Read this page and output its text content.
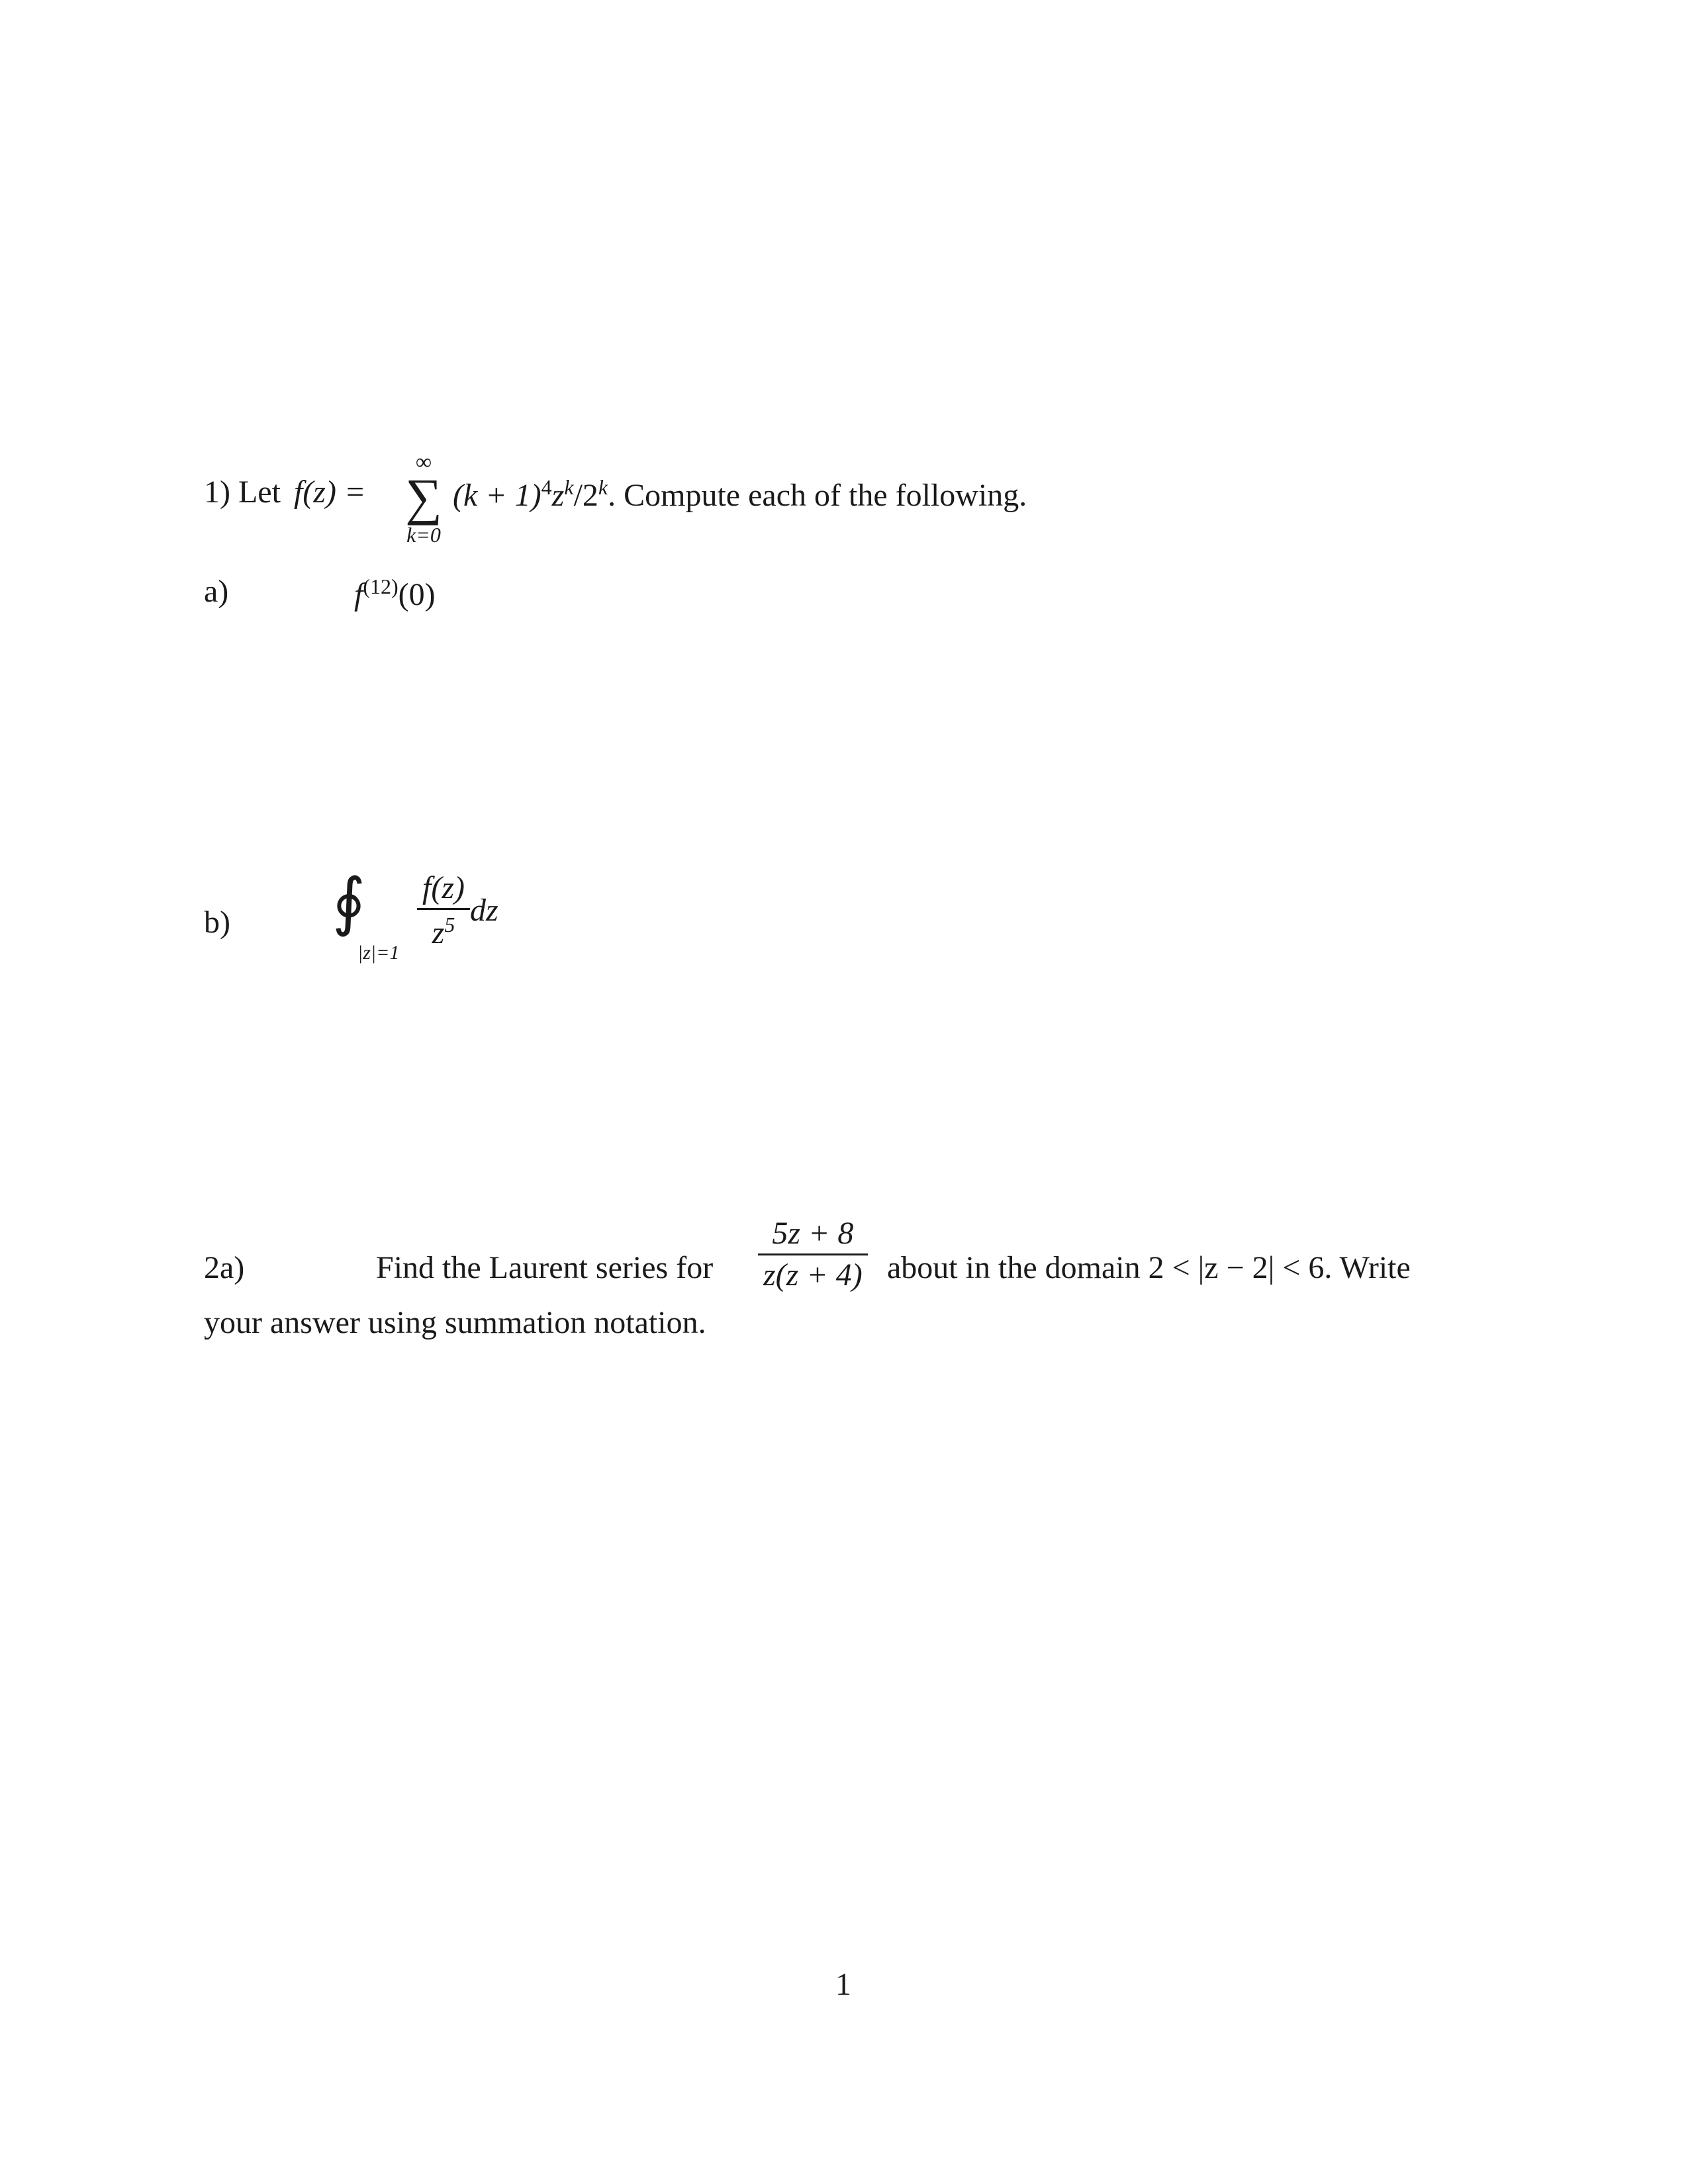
1) Let f(z) =
∞
∑
k=0
$(k + 1)^4z^k/2^k$. Compute each of the following.
a)	$f^{(12)}(0)$
b) ∮
|z|=1
$\frac{f(z)}{z^5}$ dz
2a)	Find the Laurent series for $\frac{5z + 8}{z(z + 4)}$ about in the domain 2 < |z − 2| < 6. Write
your answer using summation notation.
1
